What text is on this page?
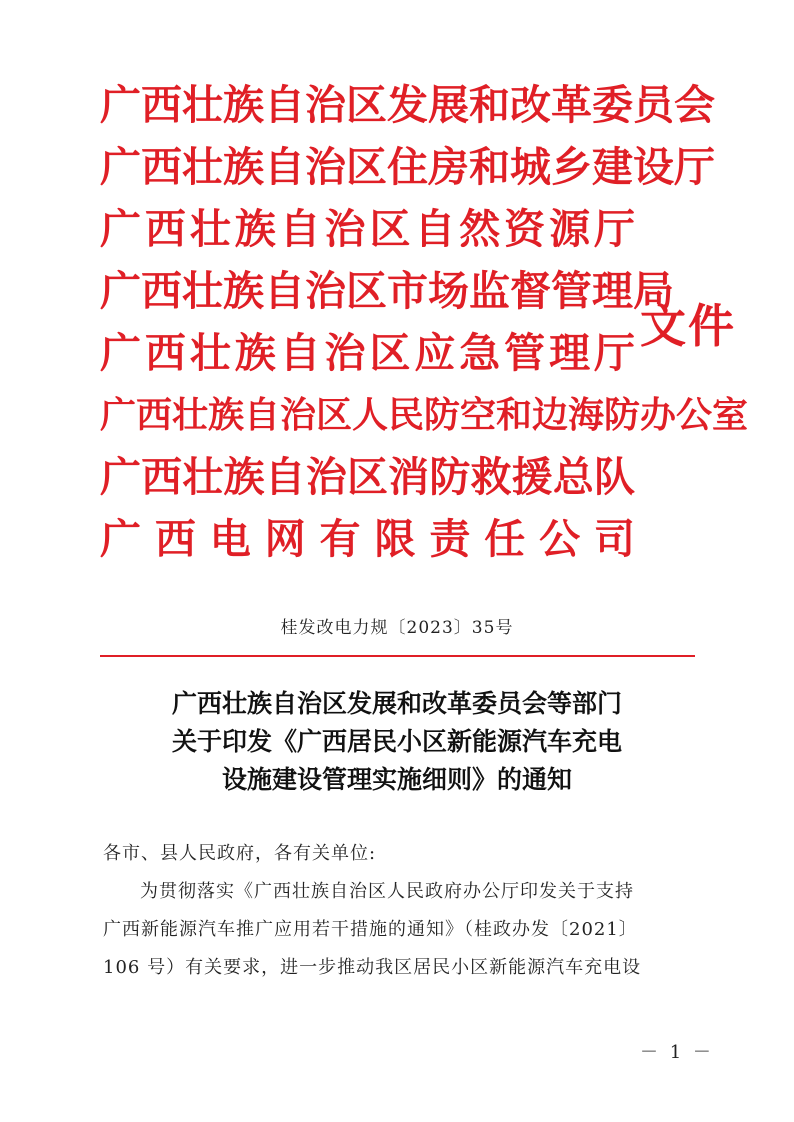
广西壮族自治区发展和改革委员会
广西壮族自治区住房和城乡建设厅
广西壮族自治区自然资源厅
广西壮族自治区市场监督管理局
广西壮族自治区应急管理厅
广西壮族自治区人民防空和边海防办公室
广西壮族自治区消防救援总队
广西电网有限责任公司
文件
桂发改电力规〔2023〕35号
广西壮族自治区发展和改革委员会等部门
关于印发《广西居民小区新能源汽车充电
设施建设管理实施细则》的通知
各市、县人民政府，各有关单位:
为贯彻落实《广西壮族自治区人民政府办公厅印发关于支持
广西新能源汽车推广应用若干措施的通知》（桂政办发〔2021〕
106 号）有关要求，进一步推动我区居民小区新能源汽车充电设
－ 1 －
